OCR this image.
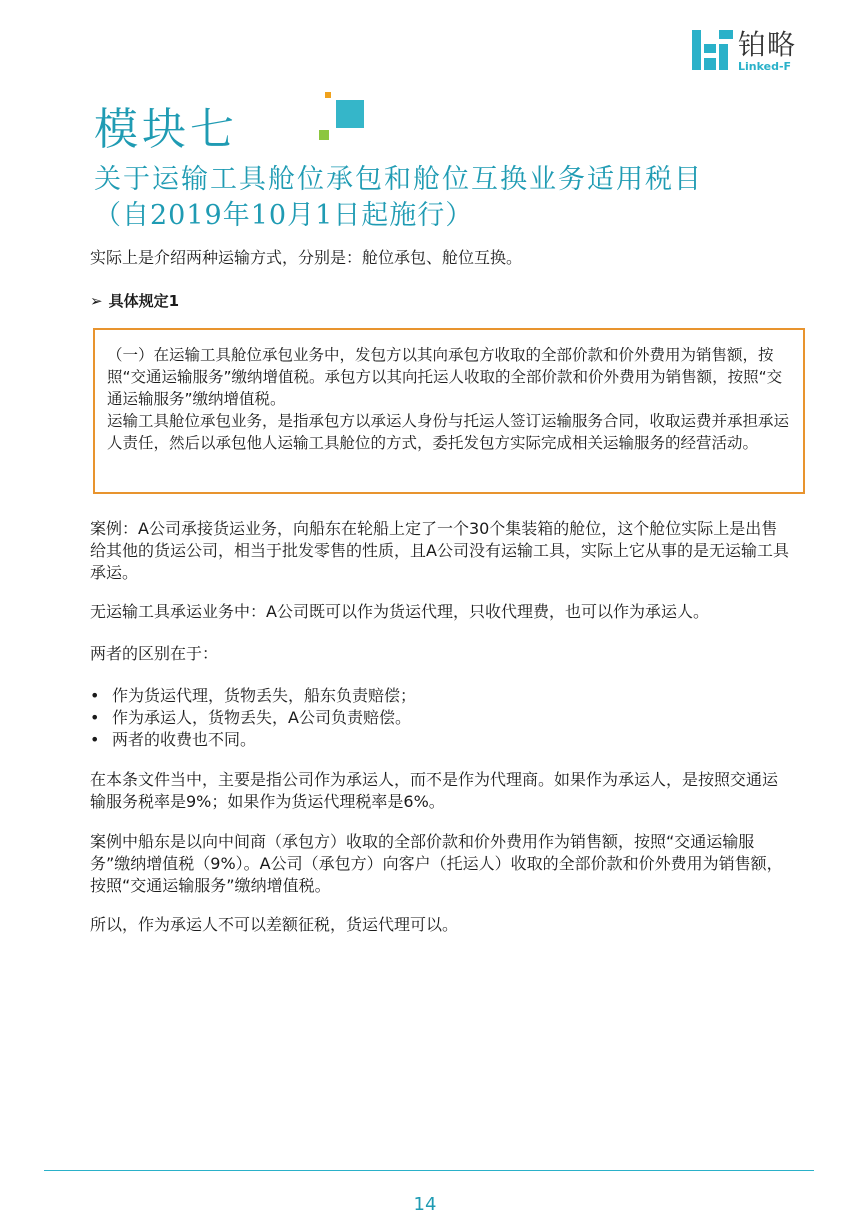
铂略
Linked-F
模块七
关于运输工具舱位承包和舱位互换业务适用税目
（自2019年10月1日起施行）
实际上是介绍两种运输方式，分别是：舱位承包、舱位互换。
➢ 具体规定1

（一）在运输工具舱位承包业务中，发包方以其向承包方收取的全部价款和价外费用为销售额，按照“交通运输服务”缴纳增值税。承包方以其向托运人收取的全部价款和价外费用为销售额，按照“交通运输服务”缴纳增值税。

运输工具舱位承包业务，是指承包方以承运人身份与托运人签订运输服务合同，收取运费并承担承运人责任，然后以承包他人运输工具舱位的方式，委托发包方实际完成相关运输服务的经营活动。

案例：A公司承接货运业务，向船东在轮船上定了一个30个集装箱的舱位，这个舱位实际上是出售给其他的货运公司，相当于批发零售的性质，且A公司没有运输工具，实际上它从事的是无运输工具承运。
无运输工具承运业务中：A公司既可以作为货运代理，只收代理费，也可以作为承运人。
两者的区别在于：
• 作为货运代理，货物丢失，船东负责赔偿；
• 作为承运人，货物丢失，A公司负责赔偿。
• 两者的收费也不同。
在本条文件当中，主要是指公司作为承运人，而不是作为代理商。如果作为承运人，是按照交通运输服务税率是9%；如果作为货运代理税率是6%。
案例中船东是以向中间商（承包方）收取的全部价款和价外费用作为销售额，按照“交通运输服务”缴纳增值税（9%）。A公司（承包方）向客户（托运人）收取的全部价款和价外费用为销售额，按照“交通运输服务”缴纳增值税。
所以，作为承运人不可以差额征税，货运代理可以。
14
